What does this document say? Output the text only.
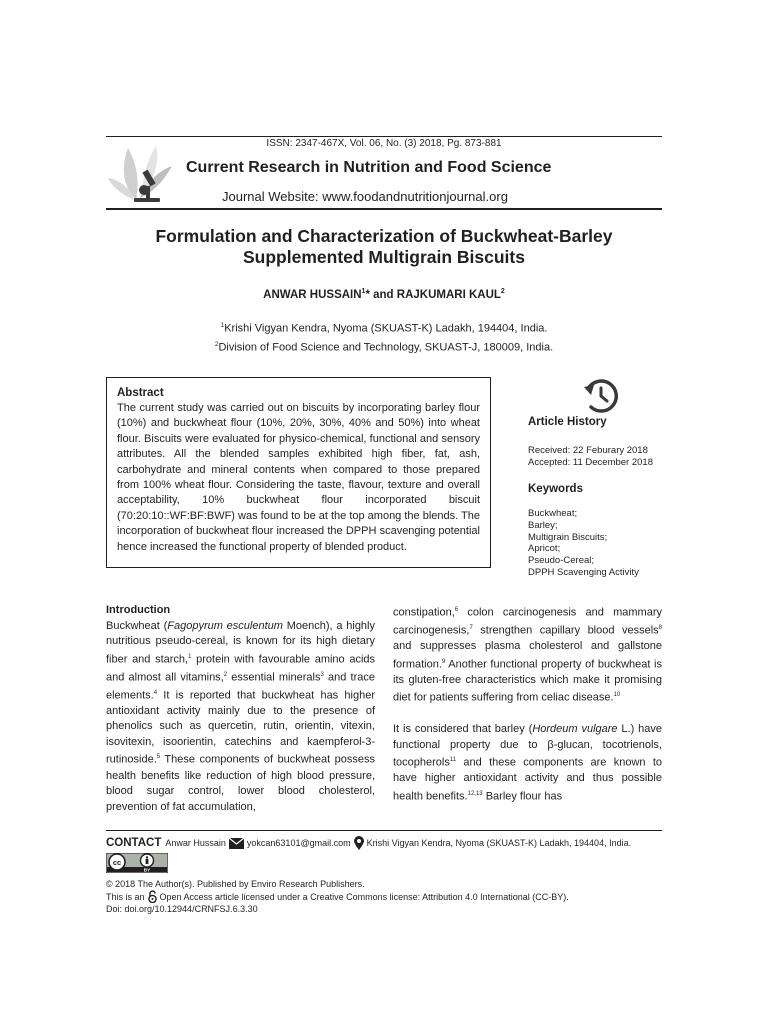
ISSN: 2347-467X, Vol. 06, No. (3) 2018, Pg. 873-881
Current Research in Nutrition and Food Science
Journal Website: www.foodandnutritionjournal.org
Formulation and Characterization of Buckwheat-Barley
Supplemented Multigrain Biscuits
ANWAR HUSSAIN$^1$* and RAJKUMARI KAUL$^2$
$^1$Krishi Vigyan Kendra, Nyoma (SKUAST-K) Ladakh, 194404, India.
$^2$Division of Food Science and Technology, SKUAST-J, 180009, India.
Abstract
The current study was carried out on biscuits by incorporating barley flour (10%) and buckwheat flour (10%, 20%, 30%, 40% and 50%) into wheat flour. Biscuits were evaluated for physico-chemical, functional and sensory attributes. All the blended samples exhibited high fiber, fat, ash, carbohydrate and mineral contents when compared to those prepared from 100% wheat flour. Considering the taste, flavour, texture and overall acceptability, 10% buckwheat flour incorporated biscuit (70:20:10::WF:BF:BWF) was found to be at the top among the blends. The incorporation of buckwheat flour increased the DPPH scavenging potential hence increased the functional property of blended product.
Article History
Received: 22 Feburary 2018
Accepted: 11 December 2018
Keywords
Buckwheat;
Barley;
Multigrain Biscuits;
Apricot;
Pseudo-Cereal;
DPPH Scavenging Activity

Introduction

Buckwheat (Fagopyrum esculentum Moench), a highly nutritious pseudo-cereal, is known for its high dietary fiber and starch,$^1$ protein with favourable amino acids and almost all vitamins,$^2$ essential minerals$^3$ and trace elements.$^4$ It is reported that buckwheat has higher antioxidant activity mainly due to the presence of phenolics such as quercetin, rutin, orientin, vitexin, isovitexin, isoorientin, catechins and kaempferol-3-rutinoside.$^5$ These components of buckwheat possess health benefits like reduction of high blood pressure, blood sugar control, lower blood cholesterol, prevention of fat accumulation,

constipation,$^6$ colon carcinogenesis and mammary carcinogenesis,$^7$ strengthen capillary blood vessels$^8$ and suppresses plasma cholesterol and gallstone formation.$^9$ Another functional property of buckwheat is its gluten-free characteristics which make it promising diet for patients suffering from celiac disease.$^{10}$

It is considered that barley (Hordeum vulgare L.) have functional property due to β-glucan, tocotrienols, tocopherols$^{11}$ and these components are known to have higher antioxidant activity and thus possible health benefits.$^{12,13}$ Barley flour has

CONTACT Anwar Hussain yokcan63101@gmail.com Krishi Vigyan Kendra, Nyoma (SKUAST-K) Ladakh, 194404, India.
cc
BY
© 2018 The Author(s). Published by Enviro Research Publishers.
This is an Open Access article licensed under a Creative Commons license: Attribution 4.0 International (CC-BY).
Doi: doi.org/10.12944/CRNFSJ.6.3.30
